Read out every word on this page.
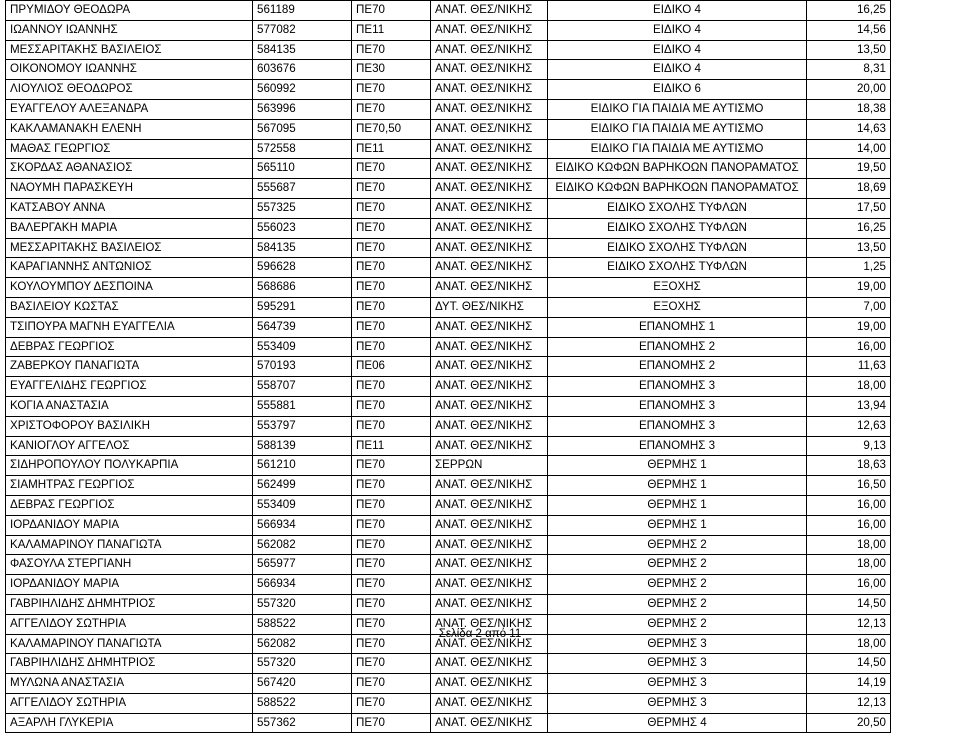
ΠΡΥΜΙΔΟΥ ΘΕΟΔΩΡΑ	561189	ΠΕ70	ΑΝΑΤ. ΘΕΣ/ΝΙΚΗΣ	ΕΙΔΙΚΟ 4	16,25
ΙΩΑΝΝΟΥ ΙΩΑΝΝΗΣ	577082	ΠΕ11	ΑΝΑΤ. ΘΕΣ/ΝΙΚΗΣ	ΕΙΔΙΚΟ 4	14,56
ΜΕΣΣΑΡΙΤΑΚΗΣ ΒΑΣΙΛΕΙΟΣ	584135	ΠΕ70	ΑΝΑΤ. ΘΕΣ/ΝΙΚΗΣ	ΕΙΔΙΚΟ 4	13,50
ΟΙΚΟΝΟΜΟΥ ΙΩΑΝΝΗΣ	603676	ΠΕ30	ΑΝΑΤ. ΘΕΣ/ΝΙΚΗΣ	ΕΙΔΙΚΟ 4	8,31
ΛΙΟΥΛΙΟΣ ΘΕΟΔΩΡΟΣ	560992	ΠΕ70	ΑΝΑΤ. ΘΕΣ/ΝΙΚΗΣ	ΕΙΔΙΚΟ 6	20,00
ΕΥΑΓΓΕΛΟΥ ΑΛΕΞΑΝΔΡΑ	563996	ΠΕ70	ΑΝΑΤ. ΘΕΣ/ΝΙΚΗΣ	ΕΙΔΙΚΟ ΓΙΑ ΠΑΙΔΙΑ ΜΕ ΑΥΤΙΣΜΟ	18,38
ΚΑΚΛΑΜΑΝΑΚΗ ΕΛΕΝΗ	567095	ΠΕ70,50	ΑΝΑΤ. ΘΕΣ/ΝΙΚΗΣ	ΕΙΔΙΚΟ ΓΙΑ ΠΑΙΔΙΑ ΜΕ ΑΥΤΙΣΜΟ	14,63
ΜΑΘΑΣ ΓΕΩΡΓΙΟΣ	572558	ΠΕ11	ΑΝΑΤ. ΘΕΣ/ΝΙΚΗΣ	ΕΙΔΙΚΟ ΓΙΑ ΠΑΙΔΙΑ ΜΕ ΑΥΤΙΣΜΟ	14,00
ΣΚΟΡΔΑΣ ΑΘΑΝΑΣΙΟΣ	565110	ΠΕ70	ΑΝΑΤ. ΘΕΣ/ΝΙΚΗΣ	ΕΙΔΙΚΟ ΚΩΦΩΝ ΒΑΡΗΚΟΩΝ ΠΑΝΟΡΑΜΑΤΟΣ	19,50
ΝΑΟΥΜΗ ΠΑΡΑΣΚΕΥΗ	555687	ΠΕ70	ΑΝΑΤ. ΘΕΣ/ΝΙΚΗΣ	ΕΙΔΙΚΟ ΚΩΦΩΝ ΒΑΡΗΚΟΩΝ ΠΑΝΟΡΑΜΑΤΟΣ	18,69
ΚΑΤΣΑΒΟΥ ΑΝΝΑ	557325	ΠΕ70	ΑΝΑΤ. ΘΕΣ/ΝΙΚΗΣ	ΕΙΔΙΚΟ ΣΧΟΛΗΣ ΤΥΦΛΩΝ	17,50
ΒΑΛΕΡΓΑΚΗ ΜΑΡΙΑ	556023	ΠΕ70	ΑΝΑΤ. ΘΕΣ/ΝΙΚΗΣ	ΕΙΔΙΚΟ ΣΧΟΛΗΣ ΤΥΦΛΩΝ	16,25
ΜΕΣΣΑΡΙΤΑΚΗΣ ΒΑΣΙΛΕΙΟΣ	584135	ΠΕ70	ΑΝΑΤ. ΘΕΣ/ΝΙΚΗΣ	ΕΙΔΙΚΟ ΣΧΟΛΗΣ ΤΥΦΛΩΝ	13,50
ΚΑΡΑΓΙΑΝΝΗΣ ΑΝΤΩΝΙΟΣ	596628	ΠΕ70	ΑΝΑΤ. ΘΕΣ/ΝΙΚΗΣ	ΕΙΔΙΚΟ ΣΧΟΛΗΣ ΤΥΦΛΩΝ	1,25
ΚΟΥΛΟΥΜΠΟΥ ΔΕΣΠΟΙΝΑ	568686	ΠΕ70	ΑΝΑΤ. ΘΕΣ/ΝΙΚΗΣ	ΕΞΟΧΗΣ	19,00
ΒΑΣΙΛΕΙΟΥ ΚΩΣΤΑΣ	595291	ΠΕ70	ΔΥΤ. ΘΕΣ/ΝΙΚΗΣ	ΕΞΟΧΗΣ	7,00
ΤΣΙΠΟΥΡΑ ΜΑΓΝΗ ΕΥΑΓΓΕΛΙΑ	564739	ΠΕ70	ΑΝΑΤ. ΘΕΣ/ΝΙΚΗΣ	ΕΠΑΝΟΜΗΣ 1	19,00
ΔΕΒΡΑΣ ΓΕΩΡΓΙΟΣ	553409	ΠΕ70	ΑΝΑΤ. ΘΕΣ/ΝΙΚΗΣ	ΕΠΑΝΟΜΗΣ 2	16,00
ΖΑΒΕΡΚΟΥ ΠΑΝΑΓΙΩΤΑ	570193	ΠΕ06	ΑΝΑΤ. ΘΕΣ/ΝΙΚΗΣ	ΕΠΑΝΟΜΗΣ 2	11,63
ΕΥΑΓΓΕΛΙΔΗΣ ΓΕΩΡΓΙΟΣ	558707	ΠΕ70	ΑΝΑΤ. ΘΕΣ/ΝΙΚΗΣ	ΕΠΑΝΟΜΗΣ 3	18,00
ΚΟΓΙΑ ΑΝΑΣΤΑΣΙΑ	555881	ΠΕ70	ΑΝΑΤ. ΘΕΣ/ΝΙΚΗΣ	ΕΠΑΝΟΜΗΣ 3	13,94
ΧΡΙΣΤΟΦΟΡΟΥ ΒΑΣΙΛΙΚΗ	553797	ΠΕ70	ΑΝΑΤ. ΘΕΣ/ΝΙΚΗΣ	ΕΠΑΝΟΜΗΣ 3	12,63
ΚΑΝΙΟΓΛΟΥ ΑΓΓΕΛΟΣ	588139	ΠΕ11	ΑΝΑΤ. ΘΕΣ/ΝΙΚΗΣ	ΕΠΑΝΟΜΗΣ 3	9,13
ΣΙΔΗΡΟΠΟΥΛΟΥ ΠΟΛΥΚΑΡΠΙΑ	561210	ΠΕ70	ΣΕΡΡΩΝ	ΘΕΡΜΗΣ 1	18,63
ΣΙΑΜΗΤΡΑΣ ΓΕΩΡΓΙΟΣ	562499	ΠΕ70	ΑΝΑΤ. ΘΕΣ/ΝΙΚΗΣ	ΘΕΡΜΗΣ 1	16,50
ΔΕΒΡΑΣ ΓΕΩΡΓΙΟΣ	553409	ΠΕ70	ΑΝΑΤ. ΘΕΣ/ΝΙΚΗΣ	ΘΕΡΜΗΣ 1	16,00
ΙΟΡΔΑΝΙΔΟΥ ΜΑΡΙΑ	566934	ΠΕ70	ΑΝΑΤ. ΘΕΣ/ΝΙΚΗΣ	ΘΕΡΜΗΣ 1	16,00
ΚΑΛΑΜΑΡΙΝΟΥ ΠΑΝΑΓΙΩΤΑ	562082	ΠΕ70	ΑΝΑΤ. ΘΕΣ/ΝΙΚΗΣ	ΘΕΡΜΗΣ 2	18,00
ΦΑΣΟΥΛΑ ΣΤΕΡΓΙΑΝΗ	565977	ΠΕ70	ΑΝΑΤ. ΘΕΣ/ΝΙΚΗΣ	ΘΕΡΜΗΣ 2	18,00
ΙΟΡΔΑΝΙΔΟΥ ΜΑΡΙΑ	566934	ΠΕ70	ΑΝΑΤ. ΘΕΣ/ΝΙΚΗΣ	ΘΕΡΜΗΣ 2	16,00
ΓΑΒΡΙΗΛΙΔΗΣ ΔΗΜΗΤΡΙΟΣ	557320	ΠΕ70	ΑΝΑΤ. ΘΕΣ/ΝΙΚΗΣ	ΘΕΡΜΗΣ 2	14,50
ΑΓΓΕΛΙΔΟΥ ΣΩΤΗΡΙΑ	588522	ΠΕ70	ΑΝΑΤ. ΘΕΣ/ΝΙΚΗΣ	ΘΕΡΜΗΣ 2	12,13
ΚΑΛΑΜΑΡΙΝΟΥ ΠΑΝΑΓΙΩΤΑ	562082	ΠΕ70	ΑΝΑΤ. ΘΕΣ/ΝΙΚΗΣ	ΘΕΡΜΗΣ 3	18,00
ΓΑΒΡΙΗΛΙΔΗΣ ΔΗΜΗΤΡΙΟΣ	557320	ΠΕ70	ΑΝΑΤ. ΘΕΣ/ΝΙΚΗΣ	ΘΕΡΜΗΣ 3	14,50
ΜΥΛΩΝΑ ΑΝΑΣΤΑΣΙΑ	567420	ΠΕ70	ΑΝΑΤ. ΘΕΣ/ΝΙΚΗΣ	ΘΕΡΜΗΣ 3	14,19
ΑΓΓΕΛΙΔΟΥ ΣΩΤΗΡΙΑ	588522	ΠΕ70	ΑΝΑΤ. ΘΕΣ/ΝΙΚΗΣ	ΘΕΡΜΗΣ 3	12,13
ΑΞΑΡΛΗ ΓΛΥΚΕΡΙΑ	557362	ΠΕ70	ΑΝΑΤ. ΘΕΣ/ΝΙΚΗΣ	ΘΕΡΜΗΣ 4	20,50
Σελίδα 2 από 11
